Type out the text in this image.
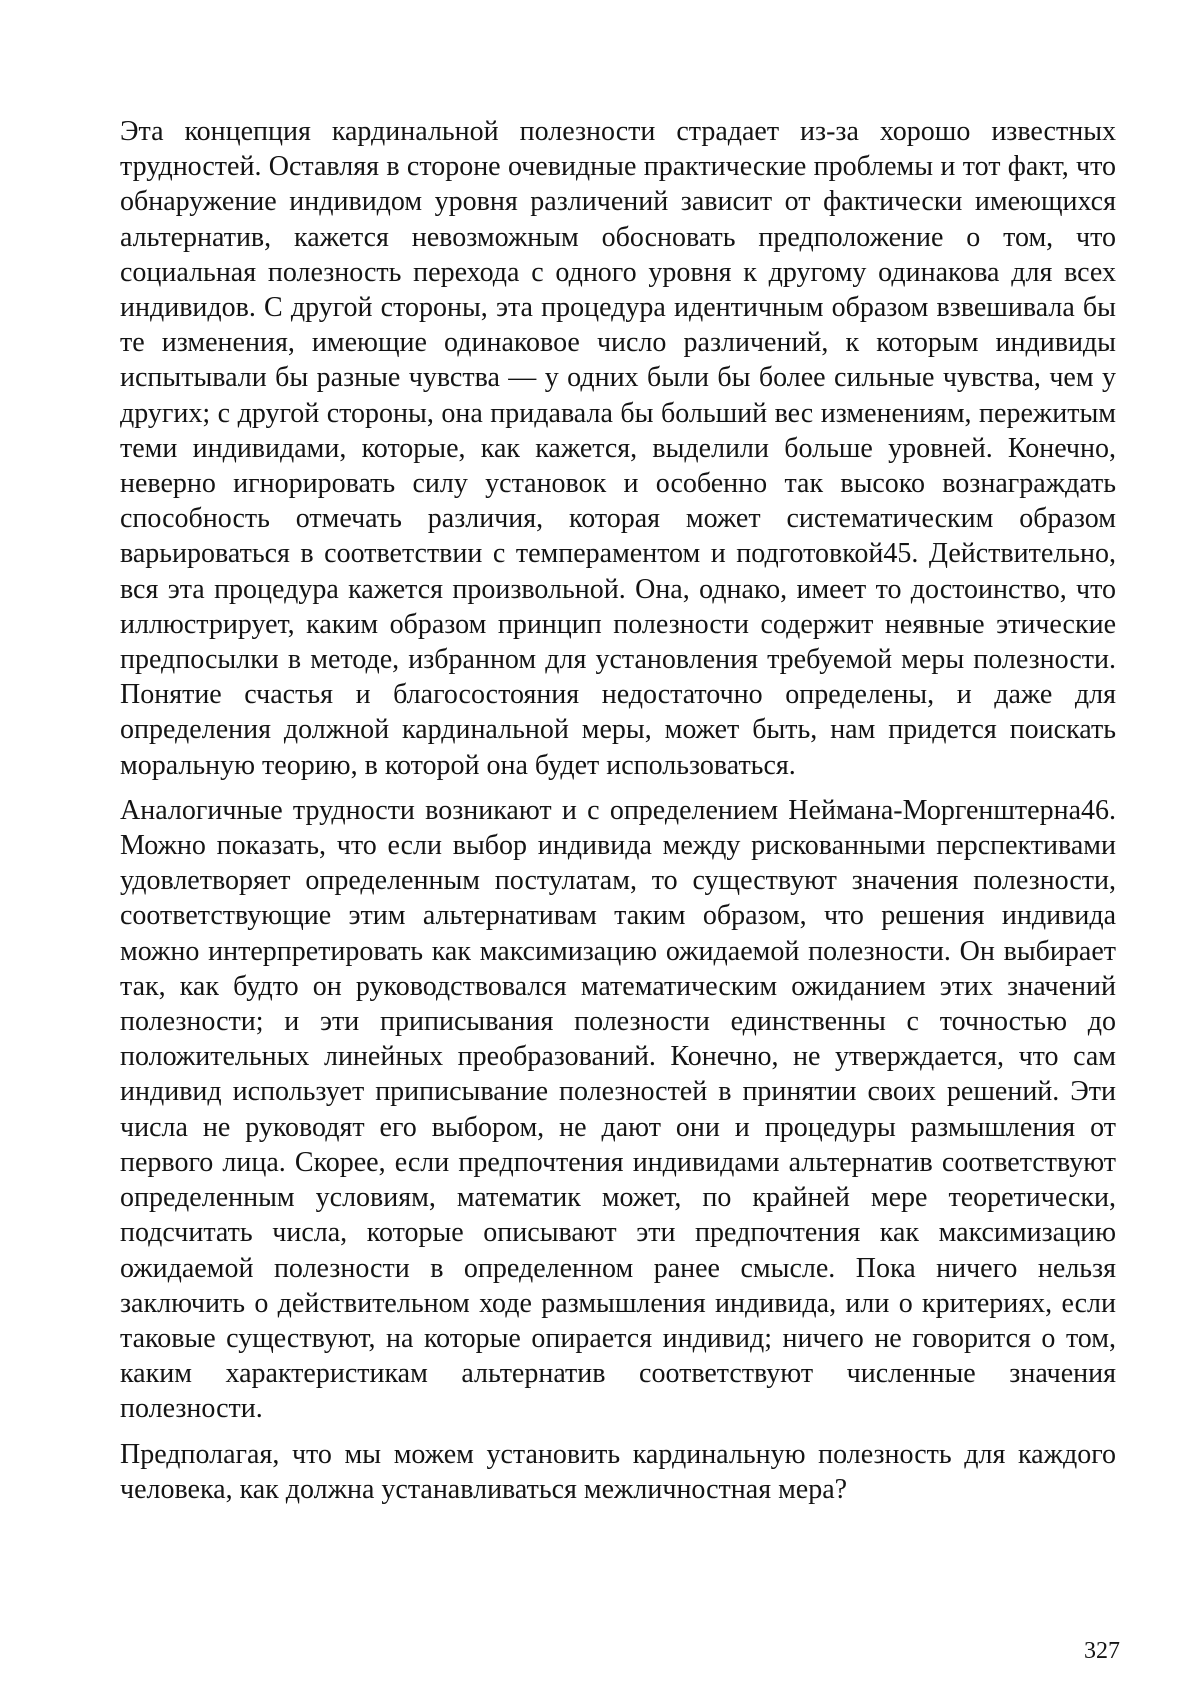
Эта концепция кардинальной полезности страдает из-за хорошо известных трудностей. Оставляя в стороне очевидные практические проблемы и тот факт, что обнаружение индивидом уровня различений зависит от фактически имеющихся альтернатив, кажется невозможным обосновать предположение о том, что социальная полезность перехода с одного уровня к другому одинакова для всех индивидов. С другой стороны, эта процедура идентичным образом взвешивала бы те изменения, имеющие одинаковое число различений, к которым индивиды испытывали бы разные чувства — у одних были бы более сильные чувства, чем у других; с другой стороны, она придавала бы больший вес изменениям, пережитым теми индивидами, которые, как кажется, выделили больше уровней. Конечно, неверно игнорировать силу установок и особенно так высоко вознаграждать способность отмечать различия, которая может систематическим образом варьироваться в соответствии с темпераментом и подготовкой45. Действительно, вся эта процедура кажется произвольной. Она, однако, имеет то достоинство, что иллюстрирует, каким образом принцип полезности содержит неявные этические предпосылки в методе, избранном для установления требуемой меры полезности. Понятие счастья и благосостояния недостаточно определены, и даже для определения должной кардинальной меры, может быть, нам придется поискать моральную теорию, в которой она будет использоваться.

Аналогичные трудности возникают и с определением Неймана-Моргенштерна46. Можно показать, что если выбор индивида между рискованными перспективами удовлетворяет определенным постулатам, то существуют значения полезности, соответствующие этим альтернативам таким образом, что решения индивида можно интерпретировать как максимизацию ожидаемой полезности. Он выбирает так, как будто он руководствовался математическим ожиданием этих значений полезности; и эти приписывания полезности единственны с точностью до положительных линейных преобразований. Конечно, не утверждается, что сам индивид использует приписывание полезностей в принятии своих решений. Эти числа не руководят его выбором, не дают они и процедуры размышления от первого лица. Скорее, если предпочтения индивидами альтернатив соответствуют определенным условиям, математик может, по крайней мере теоретически, подсчитать числа, которые описывают эти предпочтения как максимизацию ожидаемой полезности в определенном ранее смысле. Пока ничего нельзя заключить о действительном ходе размышления индивида, или о критериях, если таковые существуют, на которые опирается индивид; ничего не говорится о том, каким характеристикам альтернатив соответствуют численные значения полезности.

Предполагая, что мы можем установить кардинальную полезность для каждого человека, как должна устанавливаться межличностная мера?

327
